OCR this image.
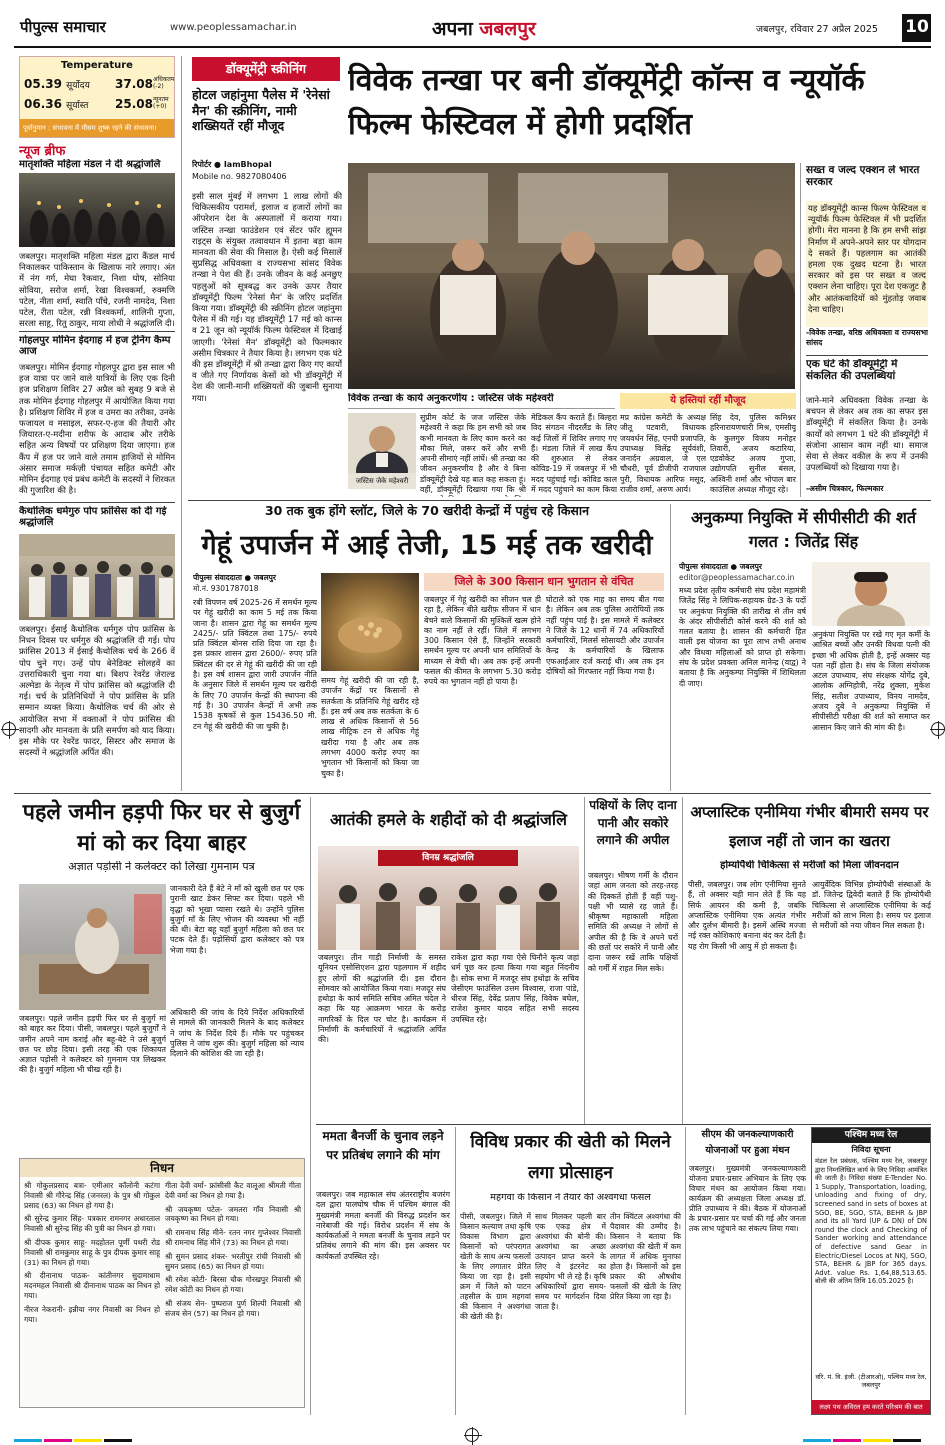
पीपुल्स समाचार	www.peoplessamachar.in	अपना जबलपुर	जबलपुर, रविवार 27 अप्रैल 2025 10
Temperature
05.39 सूर्योदय
06.36 सूर्यास्त
37.08 अधिकतम (-2)
25.08 न्यूनतम (+0)
पूर्वानुमान : संभावना में मौसम शुष्क रहने की संभावना।
न्यूज ब्रीफ
मातृशक्ति महिला मंडल ने दी श्रद्धांजलि
जबलपुर। मातृशक्ति महिला मंडल द्वारा कैंडल मार्च निकालकर पाकिस्तान के खिलाफ नारे लगाए। अंत में नंग गर्ग, मेघा रैकवार, निशा घोष, सोनिया सोविया, सरोज शर्मा, रेखा विश्वकर्मा, रुक्मणि पटेल, नीता शर्मा, स्वाति पाँचे, रजनी नामदेव, निशा पटेल, रीता पटेल, रन्नी विश्वकर्मा, शालिनी गुप्ता, सरला साहू, रितु ठाकुर, माया लोधी ने श्रद्धांजलि दी।
गोहलपुर मोमिन ईदगाह में हज ट्रेनिंग कैम्प आज
जबलपुर। मोमिन ईदगाह गोहलपुर द्वारा इस साल भी हज यात्रा पर जाने वाले यात्रियों के लिए एक दिनी हज प्रशिक्षण शिविर 27 अप्रैल को सुबह 9 बजे से तक मोमिन ईदगाह गोहलपुर में आयोजित किया गया है। प्रशिक्षण शिविर में हज व उमरा का तरीका, उनके फजायल व मसाइल, सफर-ए-हज की तैयारी और जियारत-ए-मदीना शरीफ के आदाब और तरीके सहित अन्य विषयों पर प्रशिक्षण दिया जाएगा। हज कैंप में हज पर जाने वाले तमाम हाजियों से मोमिन अंसार समाज मर्कज़ी पंचायत सहित कमेटी और मोमिन ईदगाह एवं प्रबंध कमेटी के सदस्यों ने शिरकत की गुजारिश की है।
कैथोलिक धर्मगुरु पोप फ्रांसिस को दी गई श्रद्धांजलि
जबलपुर। ईसाई कैथोलिक धर्मगुरु पोप फ्रांसिस के निधन दिवस पर धर्मगुरु की श्रद्धांजलि दी गई। पोप फ्रांसिस 2013 में ईसाई कैथोलिक चर्च के 266 वें पोप चुने गए। उन्हें पोप बेनेडिक्ट सोलहवें का उत्तराधिकारी चुना गया था। बिशप रेवरेंड जेराल्ड अल्मेडा के नेतृत्व में पोप फ्रांसिस को श्रद्धांजलि दी गई। चर्च के प्रतिनिधियों ने पोप फ्रांसिस के प्रति सम्मान व्यक्त किया। कैथोलिक चर्च की ओर से आयोजित सभा में वक्ताओं ने पोप फ्रांसिस की सादगी और मानवता के प्रति समर्पण को याद किया। इस मौके पर रेवरेंड फादर, सिस्टर और समाज के सदस्यों ने श्रद्धांजलि अर्पित की।
डॉक्यूमेंट्री स्क्रीनिंग
होटल जहांनुमा पैलेस में 'रेनेसां मैन' की स्क्रीनिंग, नामी शख्सियतें रहीं मौजूद
रिपोर्टर ● IamBhopal
Mobile no. 9827080406
विवेक तन्खा पर बनी डॉक्यूमेंट्री कॉन्स व न्यूयॉर्क फिल्म फेस्टिवल में होगी प्रदर्शित
इसी साल मुंबई में लगभग 1 लाख लोगों की चिकित्सकीय परामर्श, इलाज व हजारों लोगों का ऑपरेशन देश के अस्पतालों में कराया गया। जस्टिस तन्खा फाउंडेशन एवं सेंटर फॉर ह्यूमन राइट्स के संयुक्त तत्वावधान में इतना बड़ा काम मानवता की सेवा की मिसाल है। ऐसी कई मिसालें सुप्रसिद्ध अधिवक्ता व राज्यसभा सांसद विवेक तन्खा ने पेश की हैं। उनके जीवन के कई अनछुए पहलुओं को सूत्रबद्ध कर उनके ऊपर तैयार डॉक्यूमेंट्री फिल्म 'रेनेसां मैन' के जरिए प्रदर्शित किया गया। डॉक्यूमेंट्री की स्क्रीनिंग होटल जहांनुमा पैलेस में की गई। यह डॉक्यूमेंट्री 17 मई को कान्स व 21 जून को न्यूयॉर्क फिल्म फेस्टिवल में दिखाई जाएगी। 'रेनेसां मैन' डॉक्यूमेंट्री को फिल्मकार असीम चित्रकार ने तैयार किया है। लगभग एक घंटे की इस डॉक्यूमेंट्री में श्री तन्खा द्वारा किए गए कार्यों व जीते गए निर्णायक केसों को भी डॉक्यूमेंट्री में देश की जानी-मानी शख्सियतों की जुबानी सुनाया गया।
सख्त व जल्द एक्शन ले भारत सरकार
यह डॉक्यूमेंट्री कान्स फिल्म फेस्टिवल व न्यूयॉर्क फिल्म फेस्टिवल में भी प्रदर्शित होगी। मेरा मानना है कि हम सभी सांझ निर्माण में अपने-अपने स्तर पर योगदान दे सकते हैं। पहलगाम का आतंकी हमला एक दुखद घटना है। भारत सरकार को इस पर सख्त व जल्द एक्शन लेना चाहिए। पूरा देश एकजुट है और आतंकवादियों को मुंहतोड़ जवाब देना चाहिए।
-विवेक तन्खा, वरिष्ठ अधिवक्ता व राज्यसभा सांसद
एक घंटे की डॉक्यूमेंट्री में संकलित की उपलब्धियां
जाने-माने अधिवक्ता विवेक तन्खा के बचपन से लेकर अब तक का सफर इस डॉक्यूमेंट्री में संकलित किया है। उनके कार्यों को लगभग 1 घंटे की डॉक्यूमेंट्री में संजोना आसान काम नहीं था। समाज सेवा से लेकर वकील के रूप में उनकी उपलब्धियों को दिखाया गया है।
-असीम चित्रकार, फिल्मकार
विवेक तन्खा के कार्य अनुकरणीय : जस्टिस जेके महेश्वरी
जस्टिस जेके महेश्वरी
सुप्रीम कोर्ट के जज जस्टिस जेके महेश्वरी ने कहा कि हम सभी को जब कभी मानवता के लिए काम करने का मौका मिले, जरूर करें और सभी अपनी सीमाएं नहीं लांघें। श्री तन्खा का जीवन अनुकरणीय है और वे बिना डॉक्यूमेंट्री देखे यह बात कह सकता हूं। वहीं, डॉक्यूमेंट्री दिखाया गया कि श्री
मेडिकल कैंप कराते हैं। बिल्हरा विद संगठन नीदरलैंड के लिए कई जिलों में शिविर लगाए गए हैं। मंडला जिले में लाख कैंप की शुरुआत से लेकर कोविड-19 में जबलपुर में भी मदद पहुंचाई गई। कोविड काल में मदद पहुंचाने का काम किया
ये हस्तियां रहीं मौजूद
मप्र कांग्रेस कमेटी के अध्यक्ष जीतू पटवारी, विधायक जयवर्धन सिंह, एनपी प्रजापति, उपाध्यक्ष विलेंद्र सूर्यवंशी, जनार्दन अग्रवाल, जे एल चौधरी, पूर्व डीजीपी राजपाल पुरी, विधायक आरिफ मसूद, राजीव शर्मा, अरुण आर्य।
सिंह देव, पुलिस कमिश्नर हरिनारायणचारी मिश्र, एमसीयू के कुलगुरु विजय मनोहर तिवारी, अजय कटारिया, एडवोकेट अजय गुप्ता, उद्योगपति सुनील बंसल, अश्विनी शर्मा और भोपाल बार काउंसिल अध्यक्ष मौजूद रहे।
30 तक बुक होंगे स्लॉट, जिले के 70 खरीदी केन्द्रों में पहुंच रहे किसान
गेहूं उपार्जन में आई तेजी, 15 मई तक खरीदी
पीपुल्स संवाददाता ● जबलपुर
मो.नं. 9301787018
रबी विपणन वर्ष 2025-26 में समर्थन मूल्य पर गेहूं खरीदी का काम 5 मई तक किया जाना है। शासन द्वारा गेहूं का समर्थन मूल्य 2425/- प्रति क्विंटल तथा 175/- रुपये प्रति क्विंटल बोनस राशि दिया जा रहा है। इस प्रकार शासन द्वारा 2600/- रुपए प्रति क्विंटल की दर से गेहूं की खरीदी की जा रही है। इस वर्ष शासन द्वारा जारी उपार्जन नीति के अनुसार जिले में समर्थन मूल्य पर खरीदी के लिए 70 उपार्जन केन्द्रों की स्थापना की गई है। 30 उपार्जन केन्द्रों में अभी तक 1538 कृषकों से कुल 15436.50 मी. टन गेहूं की खरीदी की जा चुकी है।
समय गेहूं खरीदी की जा रही है, उपार्जन केंद्रों पर किसानों से सतर्कता के प्रतिनिधि गेहूं खरीद रहे हैं। इस वर्ष अब तक सतर्कता के 6 लाख से अधिक किसानों से 56 लाख मीट्रिक टन से अधिक गेहूं खरीदा गया है और अब तक लगभग 4000 करोड़ रुपए का भुगतान भी किसानों को किया जा चुका है।
जिले के 300 किसान धान भुगतान से वंचित
जबलपुर में गेहूं खरीदी का सीजन चल ही रहा है, लेकिन बीते खरीफ़ सीजन में धान बेचने वाले किसानों की मुश्किलें खत्म होने का नाम नहीं ले रहीं। जिले में लगभग 300 किसान ऐसे हैं, जिन्होंने सरकारी समर्थन मूल्य पर अपनी धान समितियों के माध्यम से बेची थी। अब तक इन्हें अपनी फसल की कीमत के लगभग 5.30 करोड़ रुपये का भुगतान नहीं हो पाया है।
घोटाले को एक माह का समय बीत गया है। लेकिन अब तक पुलिस आरोपियों तक नहीं पहुंच पाई है। इस मामले में कलेक्टर ने जिले के 12 धानों में 74 अधिकारियों कर्मचारियों, मिलर्स सोसायटी और उपार्जन केन्द्र के कर्मचारियों के खिलाफ एफआईआर दर्ज कराई थी। अब तक इन दोषियों को गिरफ्तार नहीं किया गया है।
अनुकम्पा नियुक्ति में सीपीसीटी की शर्त गलत : जितेंद्र सिंह
पीपुल्स संवाददाता ● जबलपुर
editor@peoplessamachar.co.in
मध्य प्रदेश तृतीय कर्मचारी संघ प्रदेश महामंत्री जितेंद्र सिंह ने लिपिक-सहायक ग्रेड-3 के पदों पर अनुकंपा नियुक्ति की तारीख से तीन वर्ष के अंदर सीपीसीटी कोर्स करने की शर्त को गलत बताया है। शासन की कर्मचारी हित वाली इस योजना का पूरा लाभ तभी अनाथ और विधवा महिलाओं को प्राप्त हो सकेगा। संघ के प्रदेश प्रवक्ता अनिल मानेन्द्र (याद्व) ने बताया है कि अनुकम्पा नियुक्ति में शिथिलता दी जाए।
अनुकंपा नियुक्ति पर रखे गए मृत कर्मी के आश्रित बच्चों और उनकी विधवा पत्नी की इच्छा भी अधिक होती है, इन्हें अक्सर यह पता नहीं होता है। संघ के जिला संयोजक अटल उपाध्याय, संघ संरक्षक योगेंद्र दुबे, आलोक अग्निहोत्री, नरेंद्र शुक्ला, मुकेश सिंह, सतीश उपाध्याय, विनय नामदेव, अजय दुबे ने अनुकम्पा नियुक्ति में सीपीसीटी परीक्षा की शर्त को समाप्त कर आसान किए जाने की मांग की है।
पहले जमीन हड़पी फिर घर से बुजुर्ग मां को कर दिया बाहर
अज्ञात पड़ोसी ने कलेक्टर को लिखा गुमनाम पत्र
जबलपुर। पहले जमीन हड़पी फिर घर से बुजुर्ग मां को बाहर कर दिया। पीसी, जबलपुर। पहले बुजुर्गों ने जमीन अपने नाम कराई और बहू-बेटे ने उसे बुजुर्ग छत पर छोड़ दिया। इसी तरह की एक शिकायत अज्ञात पड़ोसी ने कलेक्टर को गुमनाम पत्र लिखकर की है। बुजुर्ग महिला भी चीख रही है।
जानकारी देते हैं बेटे ने माँ को खुली छत पर एक पुरानी खाट डेकर सिफ्ट कर दिया। पहले भी वृद्धा को भूखा प्यासा रखते थे। उन्होंने पुलिस बुजुर्ग माँ के लिए भोजन की व्यवस्था भी नहीं की थी। बेटा बहू यहाँ बुजुर्ग महिला को छत पर पटक देते हैं। पड़ोसियों द्वारा कलेक्टर को पत्र भेजा गया है।
अधिकारी की जांच के दिये निर्देश अधिकारियों से मामले की जानकारी मिलने के बाद कलेक्टर ने जांच के निर्देश दिये हैं। मौके पर पहुंचकर पुलिस ने जांच शुरू की। बुजुर्ग महिला को न्याय दिलाने की कोशिश की जा रही है।
निधन
श्री गोकुलप्रसाद बत्रा- एमीआर कॉलोनी कटंगा निवासी श्री गौरेन्द्र सिंह (जनरल) के पुत्र श्री गोकुल प्रसाद (63) का निधन हो गया है।
श्री सुरेन्द्र कुमार सिंह- पत्रकार रामनगर अधारताल निवासी श्री सुरेन्द्र सिंह की पुत्री का निधन हो गया।
श्री दीपक कुमार साहू- मदहोतल पूर्णी पथरी रोड निवासी श्री रामकुमार साहू के पुत्र दीपक कुमार साहू (31) का निधन हो गया।
श्री दीनानाथ पाठक- कांतीनगर सुदामाधाम मदनमहल निवासी श्री दीनानाथ पाठक का निधन हो गया।
नीरज नेकरानी- इन्नीया नगर निवासी का निधन हो गया।
गीता देवी वर्मा- फ्रांसीसी कैट वालूआ श्रीमती गीता देवी वर्मा का निधन हो गया है।
श्री जयकृष्ण पटेल- जमतरा गाँव निवासी श्री जयकृष्ण का निधन हो गया।
श्री रामनाथ सिंह मीने- रतन नगर गुप्तेश्वर निवासी श्री रामनाथ सिंह मीने (73) का निधन हो गया।
श्री सुमन प्रसाद शंकर- भरतीपुर रांची निवासी श्री सुमन प्रसाद (65) का निधन हो गया।
श्री रमेश कोटी- बिरसा चौक गोरखपुर निवासी श्री रमेश कोटी का निधन हो गया।
श्री संजय सेन- पुष्पराज पुर्ण शिल्पी निवासी श्री संजय सेन (57) का निधन हो गया।
आतंकी हमले के शहीदों को दी श्रद्धांजलि
विनम्र श्रद्धांजलि
जबलपुर। तीन गाड़ी निर्माणी के समस्त यूनियन एसोसिएशन द्वारा पहलगाम में शहीद हुए लोगों की श्रद्धांजलि दी। इस दौरान सोमवार को आयोजित किया गया। मजदूर संघ हथोड़ा के कार्य समिति सचिव अमित चंदेल ने कहा कि यह आक्रमण भारत के करोड़ नागरिकों के दिल पर चोट है। कार्यक्रम में निर्माणी के कर्मचारियों ने श्रद्धांजलि अर्पित की।
राकेश द्वारा कहा गया ऐसे घिनौने कृत्य जहां धर्म पूछ कर हत्या किया गया बहुत निंदनीय है। सोक सभा में मजदूर संघ हथोड़ा के सचिव जेसीएम फाउंसिल उत्तम विश्वास, राजा पांडे, धीरज सिंह, देवेंद्र प्रताप सिंह, विवेक बघेल, राजेश कुमार यादव सहित सभी सदस्य उपस्थित रहे।
पक्षियों के लिए दाना पानी और सकोरे लगाने की अपील
जबलपुर। भीषण गर्मी के दौरान जहां आम जनता को तरह-तरह की दिक्कतें होती हैं वहीं पशु-पक्षी भी प्यासे रह जाते हैं। श्रीकृष्ण महाकाली महिला समिति की अध्यक्ष ने लोगों से अपील की है कि वे अपने घरों की छतों पर सकोरे में पानी और दाना जरूर रखें ताकि पक्षियों को गर्मी में राहत मिल सके।
अप्लास्टिक एनीमिया गंभीर बीमारी समय पर इलाज नहीं तो जान का खतरा
होम्योपैथी चिकित्सा से मरीजों को मिला जीवनदान
पीसी, जबलपुर। जब लोग एनीमिया सुनते हैं, तो अक्सर यही मान लेते हैं कि यह सिर्फ आयरन की कमी है, जबकि अप्लास्टिक एनीमिया एक अत्यंत गंभीर और दुर्लभ बीमारी है। इसमें अस्थि मज्जा नई रक्त कोशिकाएं बनाना बंद कर देती है। यह रोग किसी भी आयु में हो सकता है।
आयुर्वेदिक विभिन्न होम्योपैथी संस्थाओं के डॉ. जितेन्द्र द्विवेदी बताते हैं कि होम्योपैथी चिकित्सा से अप्लास्टिक एनीमिया के कई मरीजों को लाभ मिला है। समय पर इलाज से मरीजों को नया जीवन मिल सकता है।
ममता बैनर्जी के चुनाव लड़ने पर प्रतिबंध लगाने की मांग
जबलपुर। जब महाकाल संघ अंतरराष्ट्रीय बजरंग दल द्वारा पालघोष चौक में पश्चिम बंगाल की मुख्यमंत्री ममता बनर्जी की विरुद्ध प्रदर्शन कर नारेबाजी की गई। विरोध प्रदर्शन में संघ के कार्यकर्ताओं ने ममता बनर्जी के चुनाव लड़ने पर प्रतिबंध लगाने की मांग की। इस अवसर पर कार्यकर्ता उपस्थित रहे।
विविध प्रकार की खेती को मिलने लगा प्रोत्साहन
महगवां के किसान ने तैयार की अश्वगंधा फसल
पीसी, जबलपुर। जिले में किसान कल्याण तथा कृषि विकास विभाग द्वारा किसानों को परंपरागत खेती के साथ अन्य फसलों के लिए लगातार प्रेरित किया जा रहा है। इसी क्रम में जिले को पाटन तहसील के ग्राम महगवां की किसान ने अश्वगंधा की खेती की है।
साथ मिलकर पहली बार एक एकड़ क्षेत्र में अश्वगंधा की बोनी की। अश्वगंधा का अच्छा उत्पादन प्राप्त करने के लिए वे इंटरनेट का सहयोग भी ले रहे हैं। कृषि अधिकारियों द्वारा समय-समय पर मार्गदर्शन दिया जाता है।
तीन क्विंटल अश्वगंधा की पैदावार की उम्मीद है। किसान ने बताया कि अश्वगंधा की खेती में कम लागत में अधिक मुनाफा होता है। किसानों को इस प्रकार की औषधीय फसलों की खेती के लिए प्रेरित किया जा रहा है।
सीएम की जनकल्याणकारी योजनाओं पर हुआ मंथन
जबलपुर। मुख्यमंत्री जनकल्याणकारी योजना प्रचार-प्रसार अभियान के लिए एक विचार मंथन का आयोजन किया गया। कार्यक्रम की अध्यक्षता जिला अध्यक्ष डॉ. प्रीति उपाध्याय ने की। बैठक में योजनाओं के प्रचार-प्रसार पर चर्चा की गई और जनता तक लाभ पहुंचाने का संकल्प लिया गया।
पश्चिम मध्य रेल
निविदा सूचना
मंडल रेल प्रबंधक, पश्चिम मध्य रेल, जबलपुर द्वारा निम्नलिखित कार्य के लिए निविदा आमंत्रित की जाती है। निविदा संख्या E-Tender No. 1 Supply, Transportation, loading, unloading and fixing of dry, screened sand in sets of boxes at SGO, BE, SGO, STA, BEHR & JBP and its all Yard (UP & DN) of DN round the clock and Checking of Sander working and attendance of defective sand Gear in Electric/Diesel Locos at NKJ, SGO, STA, BEHR & JBP for 365 days. Advt. value Rs. 1,64,88,513.65. बोली की अंतिम तिथि 16.05.2025 है।
वरि. मं. वि. इंजी. (टीआरओ), पश्चिम मध्य रेल, जबलपुर
लक्ष्य पथ अविरल हम करते परिश्रम की बात
